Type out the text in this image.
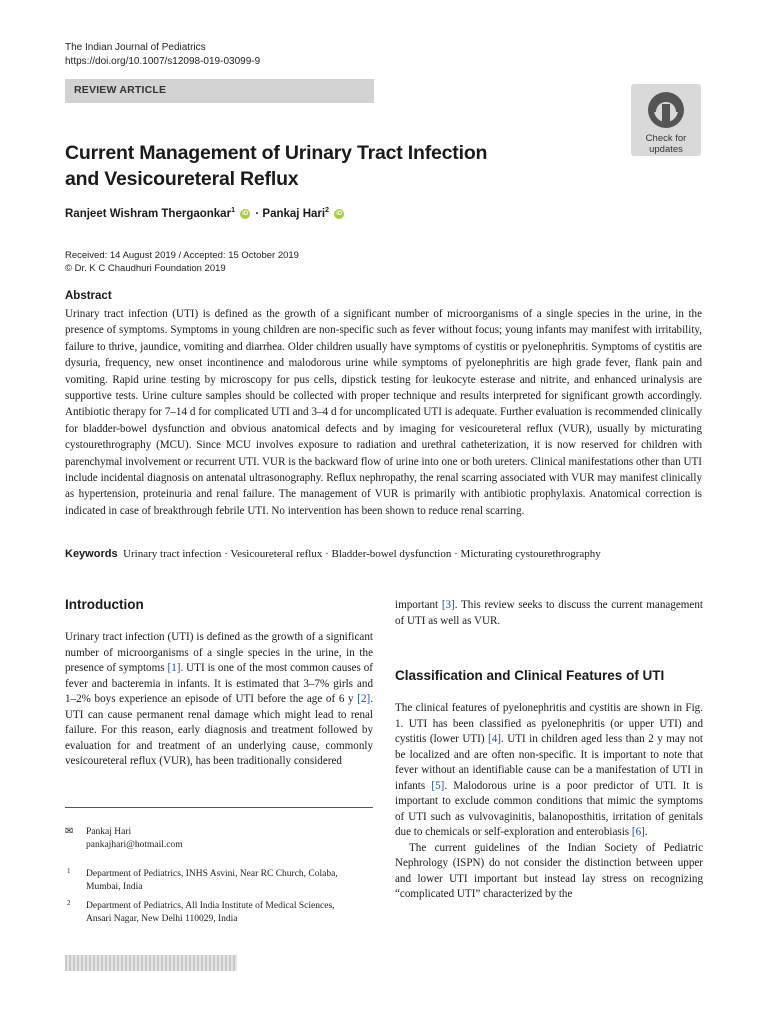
The Indian Journal of Pediatrics
https://doi.org/10.1007/s12098-019-03099-9
REVIEW ARTICLE
Check for
updates
Current Management of Urinary Tract Infection
and Vesicoureteral Reflux
Ranjeet Wishram Thergaonkar$^1$ iD · Pankaj Hari$^2$ iD
Received: 14 August 2019 / Accepted: 15 October 2019
© Dr. K C Chaudhuri Foundation 2019
Abstract
Urinary tract infection (UTI) is defined as the growth of a significant number of microorganisms of a single species in the urine, in the presence of symptoms. Symptoms in young children are non-specific such as fever without focus; young infants may manifest with irritability, failure to thrive, jaundice, vomiting and diarrhea. Older children usually have symptoms of cystitis or pyelonephritis. Symptoms of cystitis are dysuria, frequency, new onset incontinence and malodorous urine while symptoms of pyelonephritis are high grade fever, flank pain and vomiting. Rapid urine testing by microscopy for pus cells, dipstick testing for leukocyte esterase and nitrite, and enhanced urinalysis are supportive tests. Urine culture samples should be collected with proper technique and results interpreted for significant growth accordingly. Antibiotic therapy for 7–14 d for complicated UTI and 3–4 d for uncomplicated UTI is adequate. Further evaluation is recommended clinically for bladder-bowel dysfunction and obvious anatomical defects and by imaging for vesicoureteral reflux (VUR), usually by micturating cystourethrography (MCU). Since MCU involves exposure to radiation and urethral catheterization, it is now reserved for children with parenchymal involvement or recurrent UTI. VUR is the backward flow of urine into one or both ureters. Clinical manifestations other than UTI include incidental diagnosis on antenatal ultrasonography. Reflux nephropathy, the renal scarring associated with VUR may manifest clinically as hypertension, proteinuria and renal failure. The management of VUR is primarily with antibiotic prophylaxis. Anatomical correction is indicated in case of breakthrough febrile UTI. No intervention has been shown to reduce renal scarring.
Keywords Urinary tract infection · Vesicoureteral reflux · Bladder-bowel dysfunction · Micturating cystourethrography
Introduction

Urinary tract infection (UTI) is defined as the growth of a significant number of microorganisms of a single species in the urine, in the presence of symptoms [1]. UTI is one of the most common causes of fever and bacteremia in infants. It is estimated that 3–7% girls and 1–2% boys experience an episode of UTI before the age of 6 y [2]. UTI can cause permanent renal damage which might lead to renal failure. For this reason, early diagnosis and treatment followed by evaluation for and treatment of an underlying cause, commonly vesicoureteral reflux (VUR), has been traditionally considered

✉ Pankaj Hari
pankajhari@hotmail.com
1 Department of Pediatrics, INHS Asvini, Near RC Church, Colaba,
Mumbai, India
2 Department of Pediatrics, All India Institute of Medical Sciences,
Ansari Nagar, New Delhi 110029, India

important [3]. This review seeks to discuss the current management of UTI as well as VUR.

Classification and Clinical Features of UTI

The clinical features of pyelonephritis and cystitis are shown in Fig. 1. UTI has been classified as pyelonephritis (or upper UTI) and cystitis (lower UTI) [4]. UTI in children aged less than 2 y may not be localized and are often non-specific. It is important to note that fever without an identifiable cause can be a manifestation of UTI in infants [5]. Malodorous urine is a poor predictor of UTI. It is important to exclude common conditions that mimic the symptoms of UTI such as vulvovaginitis, balanoposthitis, irritation of genitals due to chemicals or self-exploration and enterobiasis [6].

The current guidelines of the Indian Society of Pediatric Nephrology (ISPN) do not consider the distinction between upper and lower UTI important but instead lay stress on recognizing “complicated UTI” characterized by the
